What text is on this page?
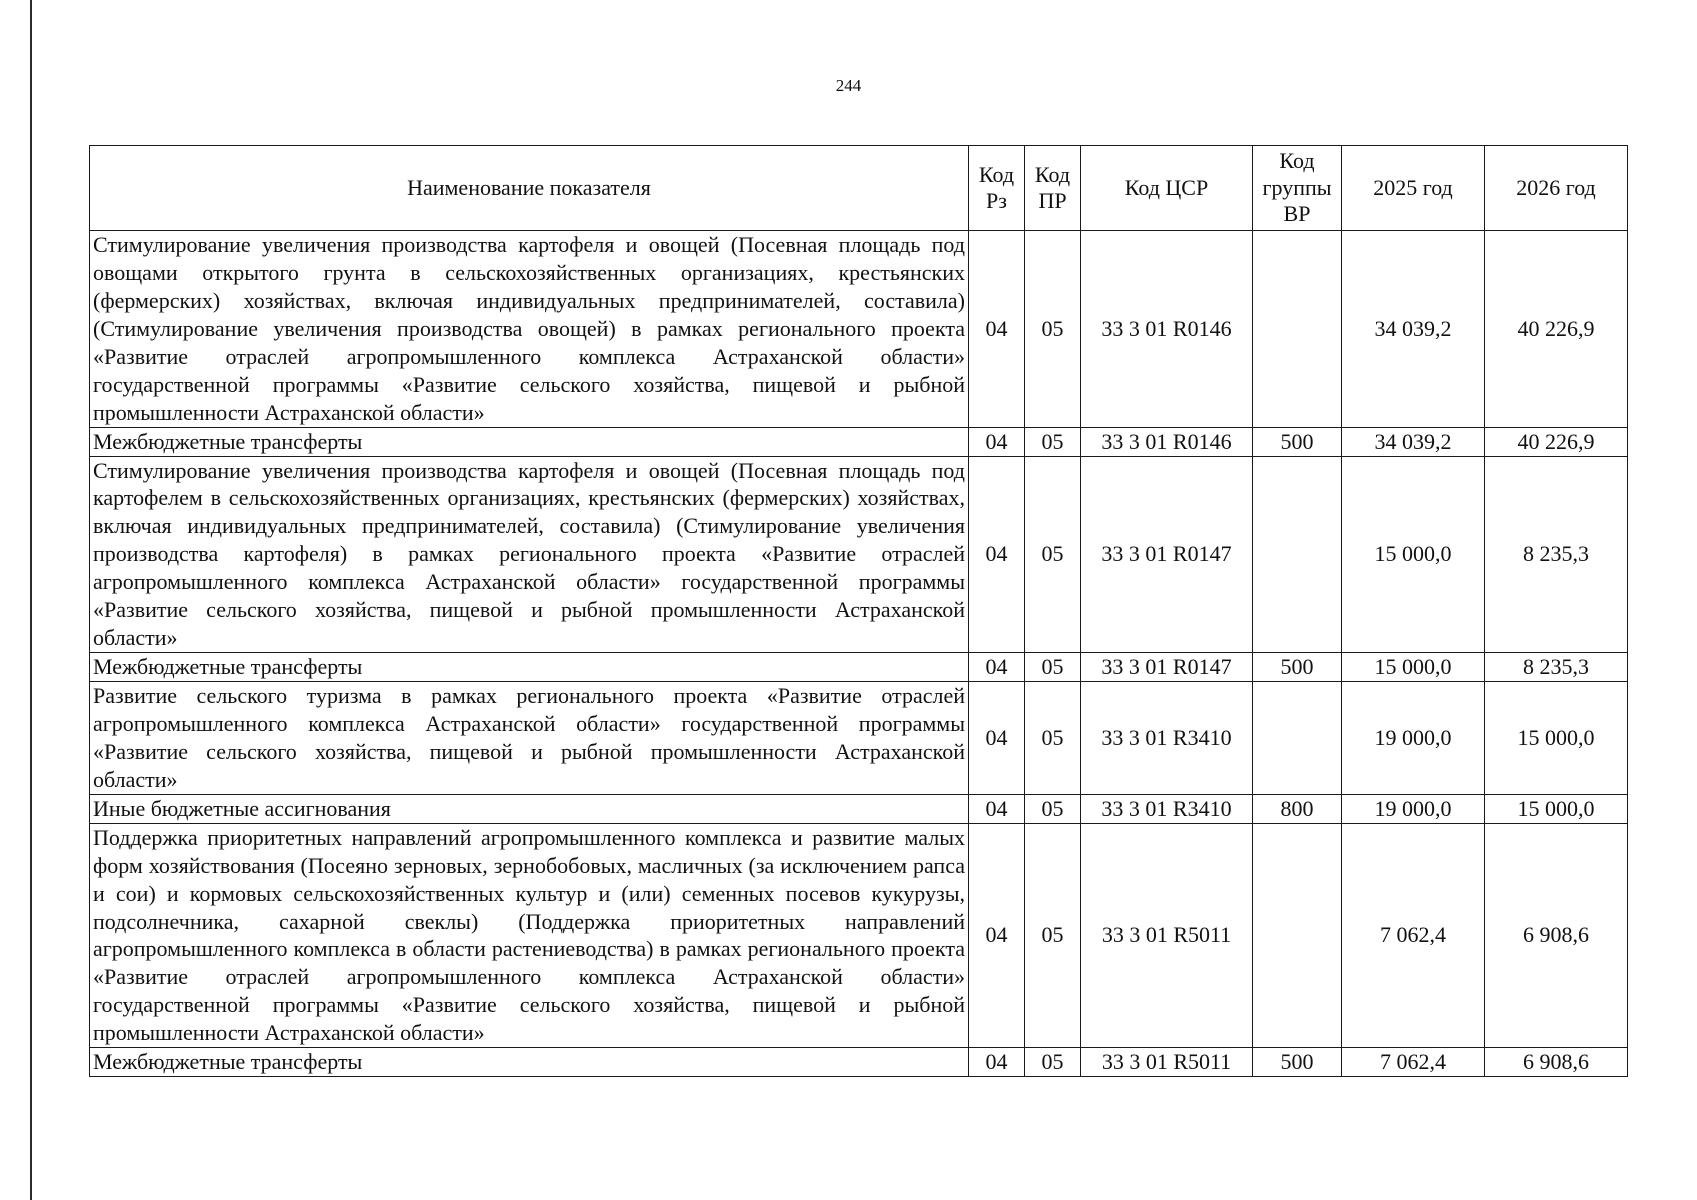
244
Наименование показателя	Код Рз	Код ПР	Код ЦСР	Код группы ВР	2025 год	2026 год
Стимулирование увеличения производства картофеля и овощей (Посевная площадь под овощами открытого грунта в сельскохозяйственных организациях, крестьянских (фермерских) хозяйствах, включая индивидуальных предпринимателей, составила) (Стимулирование увеличения производства овощей) в рамках регионального проекта «Развитие отраслей агропромышленного комплекса Астраханской области» государственной программы «Развитие сельского хозяйства, пищевой и рыбной промышленности Астраханской области»	04	05	33 3 01 R0146		34 039,2	40 226,9
Межбюджетные трансферты	04	05	33 3 01 R0146	500	34 039,2	40 226,9
Стимулирование увеличения производства картофеля и овощей (Посевная площадь под картофелем в сельскохозяйственных организациях, крестьянских (фермерских) хозяйствах, включая индивидуальных предпринимателей, составила) (Стимулирование увеличения производства картофеля) в рамках регионального проекта «Развитие отраслей агропромышленного комплекса Астраханской области» государственной программы «Развитие сельского хозяйства, пищевой и рыбной промышленности Астраханской области»	04	05	33 3 01 R0147		15 000,0	8 235,3
Межбюджетные трансферты	04	05	33 3 01 R0147	500	15 000,0	8 235,3
Развитие сельского туризма в рамках регионального проекта «Развитие отраслей агропромышленного комплекса Астраханской области» государственной программы «Развитие сельского хозяйства, пищевой и рыбной промышленности Астраханской области»	04	05	33 3 01 R3410		19 000,0	15 000,0
Иные бюджетные ассигнования	04	05	33 3 01 R3410	800	19 000,0	15 000,0
Поддержка приоритетных направлений агропромышленного комплекса и развитие малых форм хозяйствования (Посеяно зерновых, зернобобовых, масличных (за исключением рапса и сои) и кормовых сельскохозяйственных культур и (или) семенных посевов кукурузы, подсолнечника, сахарной свеклы) (Поддержка приоритетных направлений агропромышленного комплекса в области растениеводства) в рамках регионального проекта «Развитие отраслей агропромышленного комплекса Астраханской области» государственной программы «Развитие сельского хозяйства, пищевой и рыбной промышленности Астраханской области»	04	05	33 3 01 R5011		7 062,4	6 908,6
Межбюджетные трансферты	04	05	33 3 01 R5011	500	7 062,4	6 908,6
